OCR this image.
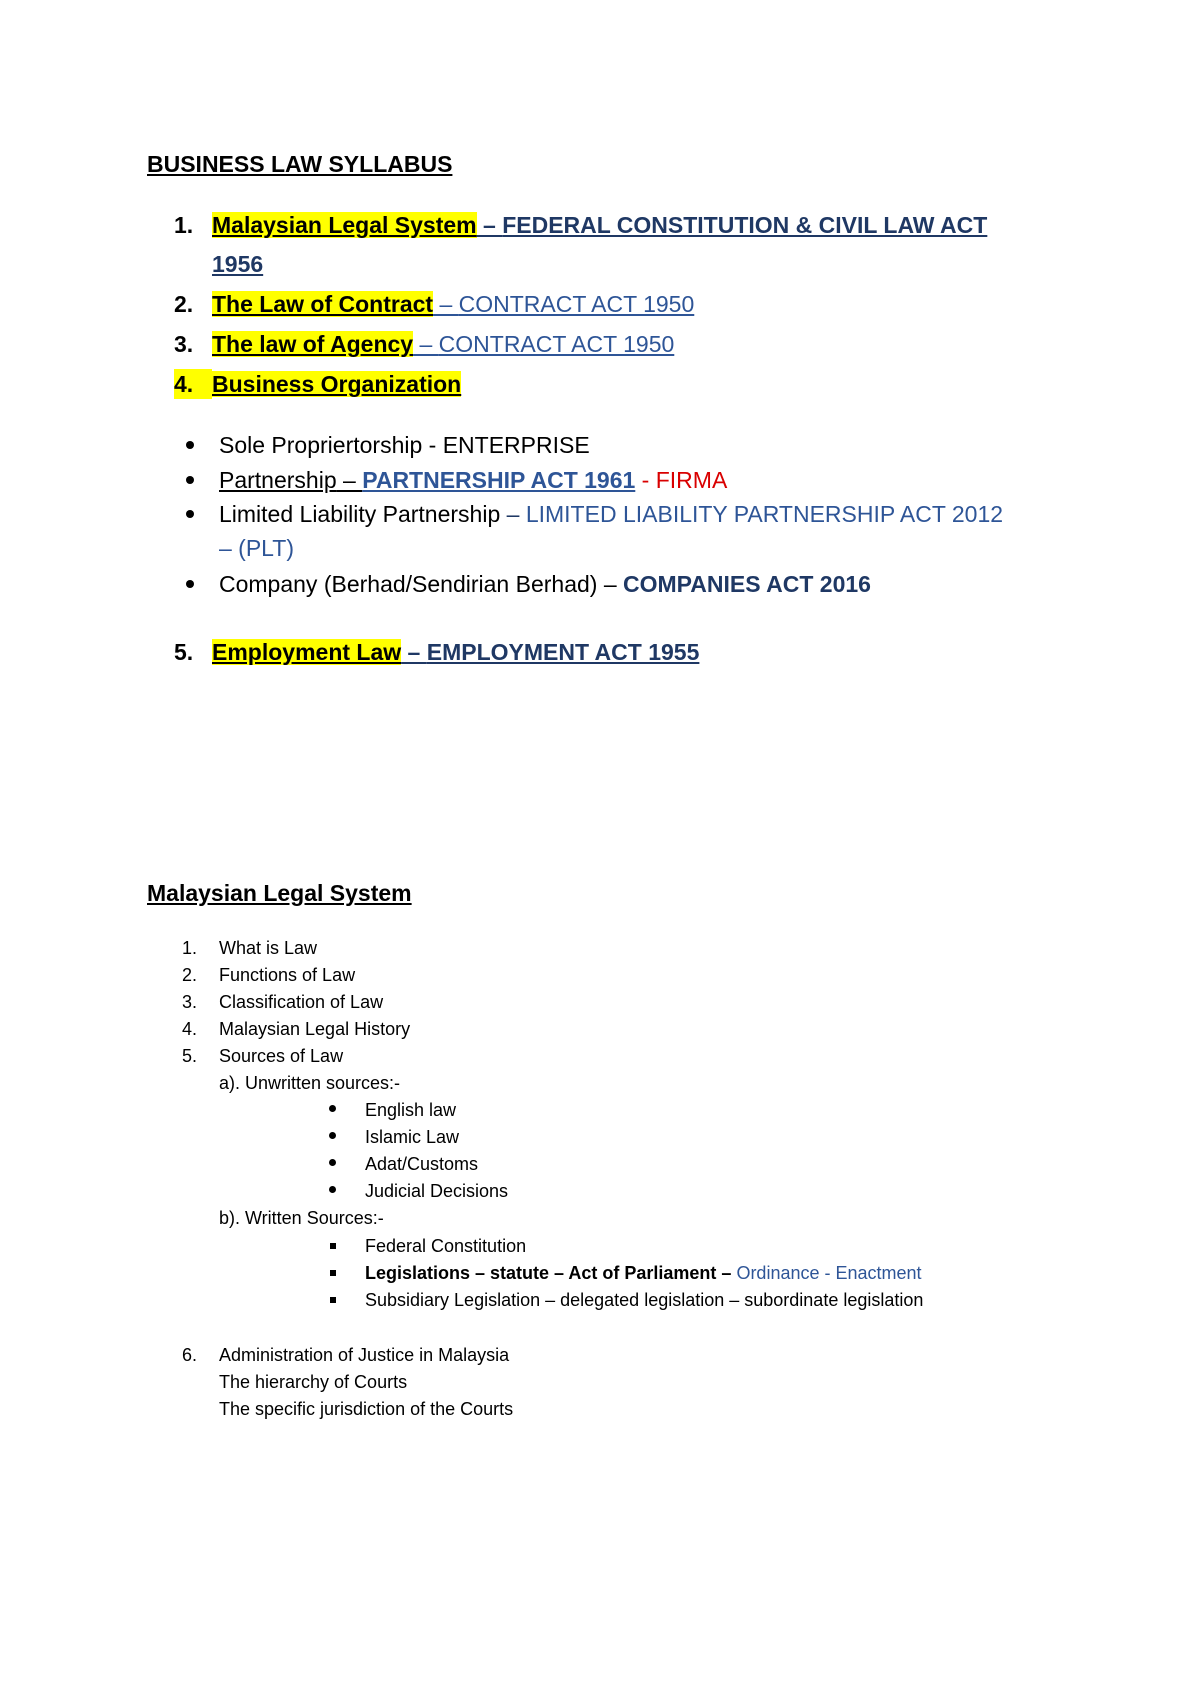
BUSINESS LAW SYLLABUS
1. Malaysian Legal System – FEDERAL CONSTITUTION & CIVIL LAW ACT
1956
2. The Law of Contract – CONTRACT ACT 1950
3. The law of Agency – CONTRACT ACT 1950
4. Business Organization
Sole Propriertorship - ENTERPRISE
Partnership – PARTNERSHIP ACT 1961 - FIRMA
Limited Liability Partnership – LIMITED LIABILITY PARTNERSHIP ACT 2012
– (PLT)
Company (Berhad/Sendirian Berhad) – COMPANIES ACT 2016
5. Employment Law – EMPLOYMENT ACT 1955
Malaysian Legal System
1. What is Law
2. Functions of Law
3. Classification of Law
4. Malaysian Legal History
5. Sources of Law
a). Unwritten sources:-
English law
Islamic Law
Adat/Customs
Judicial Decisions
b). Written Sources:-
Federal Constitution
Legislations – statute – Act of Parliament – Ordinance - Enactment
Subsidiary Legislation – delegated legislation – subordinate legislation
6. Administration of Justice in Malaysia
The hierarchy of Courts
The specific jurisdiction of the Courts
